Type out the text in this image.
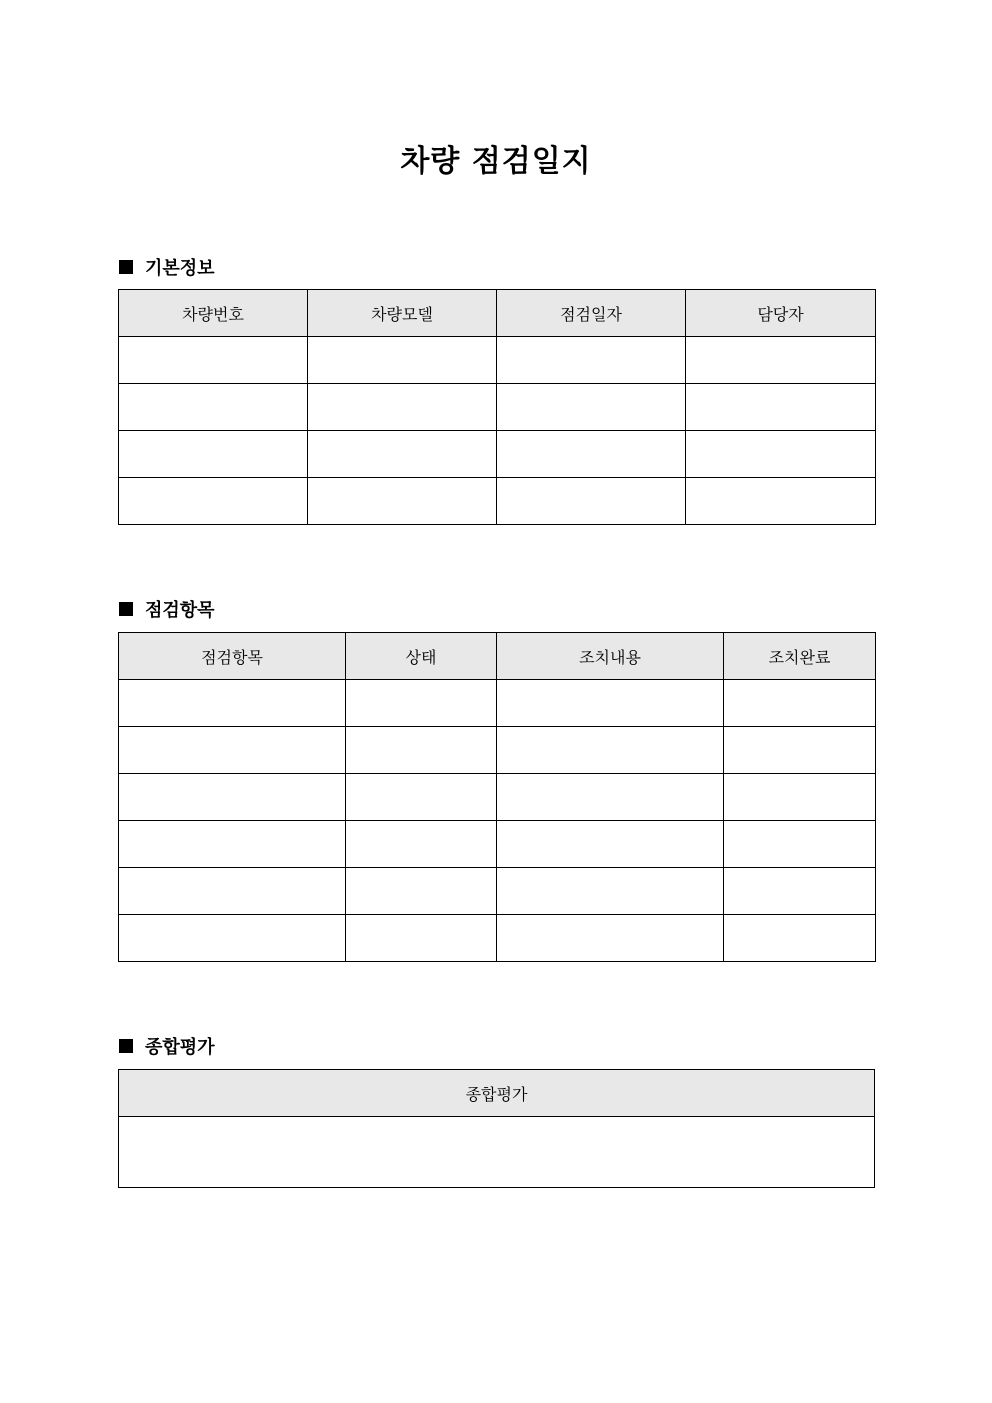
차량 점검일지
기본정보
차량번호	차량모델	점검일자	담당자

점검항목
점검항목	상태	조치내용	조치완료

종합평가
종합평가
